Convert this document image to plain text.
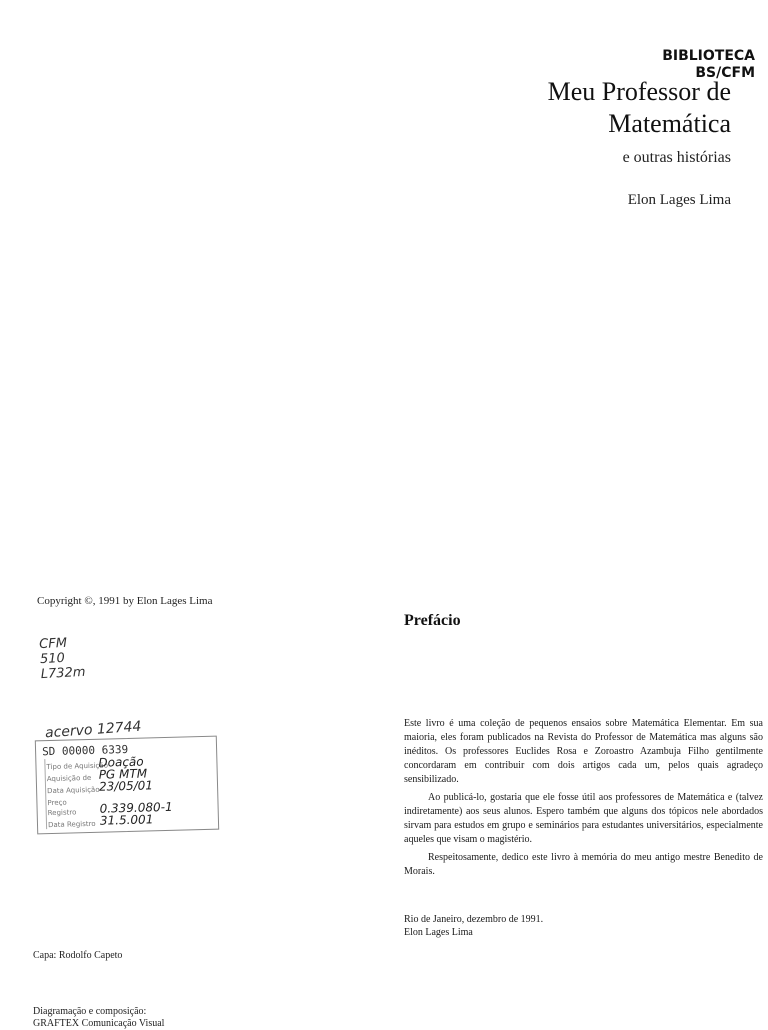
BIBLIOTECA
BS/CFM
Meu Professor de
Matemática
e outras histórias
Elon Lages Lima
Copyright ©, 1991 by Elon Lages Lima
CFM
510
L732m
acervo 12744
SD 00000 6339
Tipo de Aquisição
Doação
Aquisição de PG MTM
Data Aquisição 23/05/01
Preço
Registro 0.339.080-1
Data Registro 31.5.001
Capa: Rodolfo Capeto
Diagramação e composição:
GRAFTEX Comunicação Visual
Prefácio

Este livro é uma coleção de pequenos ensaios sobre Matemática Elementar. Em sua maioria, eles foram publicados na Revista do Professor de Matemática mas alguns são inéditos. Os professores Euclides Rosa e Zoroastro Azambuja Filho gentilmente concordaram em contribuir com dois artigos cada um, pelos quais agradeço sensibilizado.

Ao publicá-lo, gostaria que ele fosse útil aos professores de Matemática e (talvez indiretamente) aos seus alunos. Espero também que alguns dos tópicos nele abordados sirvam para estudos em grupo e seminários para estudantes universitários, especialmente aqueles que visam o magistério.

Respeitosamente, dedico este livro à memória do meu antigo mestre Benedito de Morais.

Rio de Janeiro, dezembro de 1991.
Elon Lages Lima
